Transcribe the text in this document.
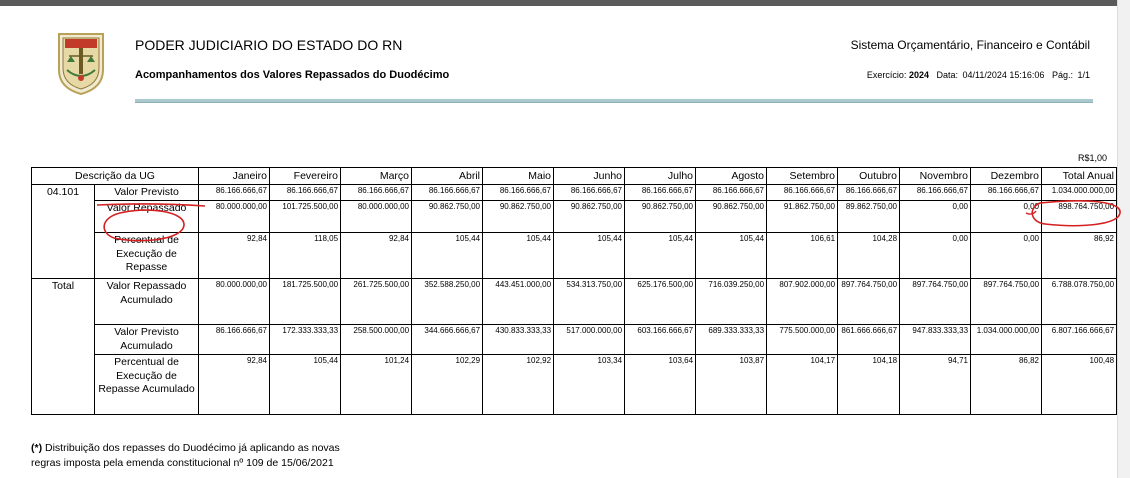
PODER JUDICIARIO DO ESTADO DO RN
Acompanhamentos dos Valores Repassados do Duodécimo
Sistema Orçamentário, Financeiro e Contábil
Exercício: 2024 Data: 04/11/2024 15:16:06 Pág.: 1/1
R$1,00
Descrição da UG		Janeiro	Fevereiro	Março	Abril	Maio	Junho	Julho	Agosto	Setembro	Outubro	Novembro	Dezembro	Total Anual
04.101	Valor Previsto	86.166.666,67	86.166.666,67	86.166.666,67	86.166.666,67	86.166.666,67	86.166.666,67	86.166.666,67	86.166.666,67	86.166.666,67	86.166.666,67	86.166.666,67	86.166.666,67	1.034.000.000,00
	Valor Repassado	80.000.000,00	101.725.500,00	80.000.000,00	90.862.750,00	90.862.750,00	90.862.750,00	90.862.750,00	90.862.750,00	91.862.750,00	89.862.750,00	0,00	0,00	898.764.750,00
	Percentual de Execução de Repasse	92,84	118,05	92,84	105,44	105,44	105,44	105,44	105,44	106,61	104,28	0,00	0,00	86,92
Total	Valor Repassado Acumulado	80.000.000,00	181.725.500,00	261.725.500,00	352.588.250,00	443.451.000,00	534.313.750,00	625.176.500,00	716.039.250,00	807.902.000,00	897.764.750,00	897.764.750,00	897.764.750,00	6.788.078.750,00
	Valor Previsto Acumulado	86.166.666,67	172.333.333,33	258.500.000,00	344.666.666,67	430.833.333,33	517.000.000,00	603.166.666,67	689.333.333,33	775.500.000,00	861.666.666,67	947.833.333,33	1.034.000.000,00	6.807.166.666,67
	Percentual de Execução de Repasse Acumulado	92,84	105,44	101,24	102,29	102,92	103,34	103,64	103,87	104,17	104,18	94,71	86,82	100,48
(*) Distribuição dos repasses do Duodécimo já aplicando as novas
regras imposta pela emenda constitucional nº 109 de 15/06/2021
